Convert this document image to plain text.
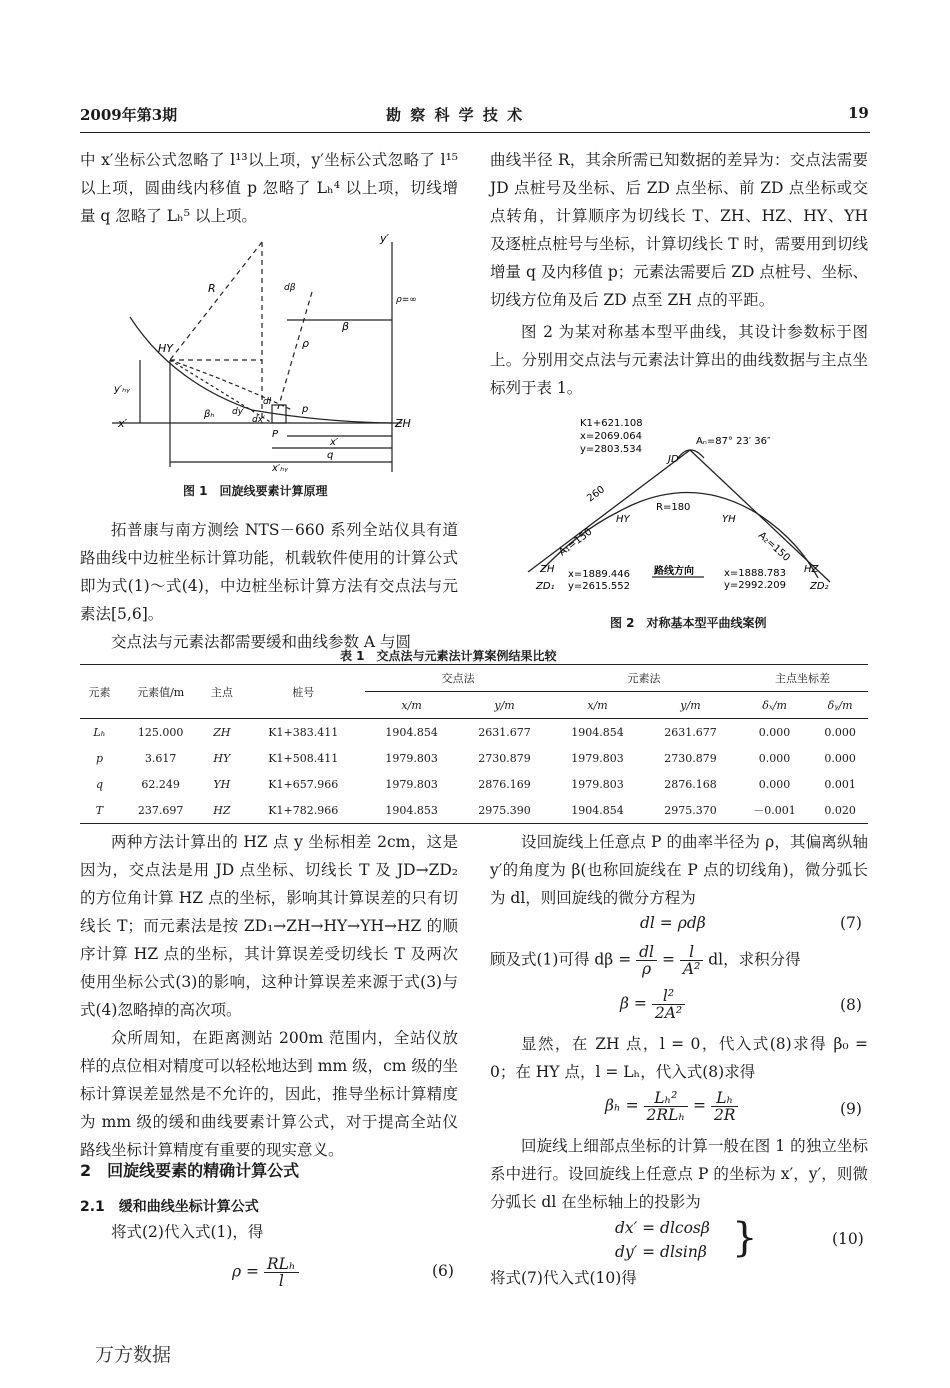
2009年第3期	勘 察 科 学 技 术	19

中 x′坐标公式忽略了 l¹³以上项，y′坐标公式忽略了 l¹⁵以上项，圆曲线内移值 p 忽略了 Lₕ⁴ 以上项，切线增量 q 忽略了 Lₕ⁵ 以上项。

y′
x′
HY
ZH
R
ρ
ρ=∞
β
βₕ
dβ
dy′
dl
dx′
p
P
q
x′
x′ₕᵧ
y′ₕᵧ
图 1　回旋线要素计算原理

拓普康与南方测绘 NTS－660 系列全站仪具有道路曲线中边桩坐标计算功能，机载软件使用的计算公式即为式(1)～式(4)，中边桩坐标计算方法有交点法与元素法[5,6]。

交点法与元素法都需要缓和曲线参数 A 与圆

曲线半径 R，其余所需已知数据的差异为：交点法需要 JD 点桩号及坐标、后 ZD 点坐标、前 ZD 点坐标或交点转角，计算顺序为切线长 T、ZH、HZ、HY、YH 及逐桩点桩号与坐标，计算切线长 T 时，需要用到切线增量 q 及内移值 p；元素法需要后 ZD 点桩号、坐标、切线方位角及后 ZD 点至 ZH 点的平距。

图 2 为某对称基本型平曲线，其设计参数标于图上。分别用交点法与元素法计算出的曲线数据与主点坐标列于表 1。

K1+621.108
x=2069.064
y=2803.534
JD
Aₙ=87° 23′ 36″
260
R=180
A₁=150	A₂=150
HY	YH
ZH	HZ
ZD₁	ZD₂
x=1889.446
y=2615.552
x=1888.783
y=2992.209
路线方向
图 2　对称基本型平曲线案例
表 1　交点法与元素法计算案例结果比较
元素	元素值/m	主点	桩号	交点法		元素法		主点坐标差	
				x/m	y/m	x/m	y/m	δₓ/m	δᵧ/m
Lₕ	125.000	ZH	K1+383.411	1904.854	2631.677	1904.854	2631.677	0.000	0.000
p	3.617	HY	K1+508.411	1979.803	2730.879	1979.803	2730.879	0.000	0.000
q	62.249	YH	K1+657.966	1979.803	2876.169	1979.803	2876.168	0.000	0.001
T	237.697	HZ	K1+782.966	1904.853	2975.390	1904.854	2975.370	－0.001	0.020

两种方法计算出的 HZ 点 y 坐标相差 2cm，这是因为，交点法是用 JD 点坐标、切线长 T 及 JD→ZD₂ 的方位角计算 HZ 点的坐标，影响其计算误差的只有切线长 T；而元素法是按 ZD₁→ZH→HY→YH→HZ 的顺序计算 HZ 点的坐标，其计算误差受切线长 T 及两次使用坐标公式(3)的影响，这种计算误差来源于式(3)与式(4)忽略掉的高次项。

众所周知，在距离测站 200m 范围内，全站仪放样的点位相对精度可以轻松地达到 mm 级，cm 级的坐标计算误差显然是不允许的，因此，推导坐标计算精度为 mm 级的缓和曲线要素计算公式，对于提高全站仪路线坐标计算精度有重要的现实意义。

2　回旋线要素的精确计算公式
2.1　缓和曲线坐标计算公式

将式(2)代入式(1)，得

$\rho = \frac{\text{RLₕ}}{l}$	(6)

设回旋线上任意点 P 的曲率半径为 ρ，其偏离纵轴 y′的角度为 β(也称回旋线在 P 点的切线角)，微分弧长为 dl，则回旋线的微分方程为

dl = ρdβ	(7)
顾及式(1)可得 $d\beta = \frac{dl}{\rho} = \frac{l}{\text{A²}}$ dl，求积分得
$\beta = \frac{\text{l²}}{\text{2A²}}$	(8)

显然，在 ZH 点，l = 0，代入式(8)求得 β₀ = 0；在 HY 点，l = Lₕ，代入式(8)求得

$\beta_h = \frac{\text{Lₕ²}}{\text{2RLₕ}} = \frac{\text{Lₕ}}{2R}$	(9)

回旋线上细部点坐标的计算一般在图 1 的独立坐标系中进行。设回旋线上任意点 P 的坐标为 x′，y′，则微分弧长 dl 在坐标轴上的投影为

dx′ = dlcosβ
dy′ = dlsinβ }	(10)

将式(7)代入式(10)得

万方数据
